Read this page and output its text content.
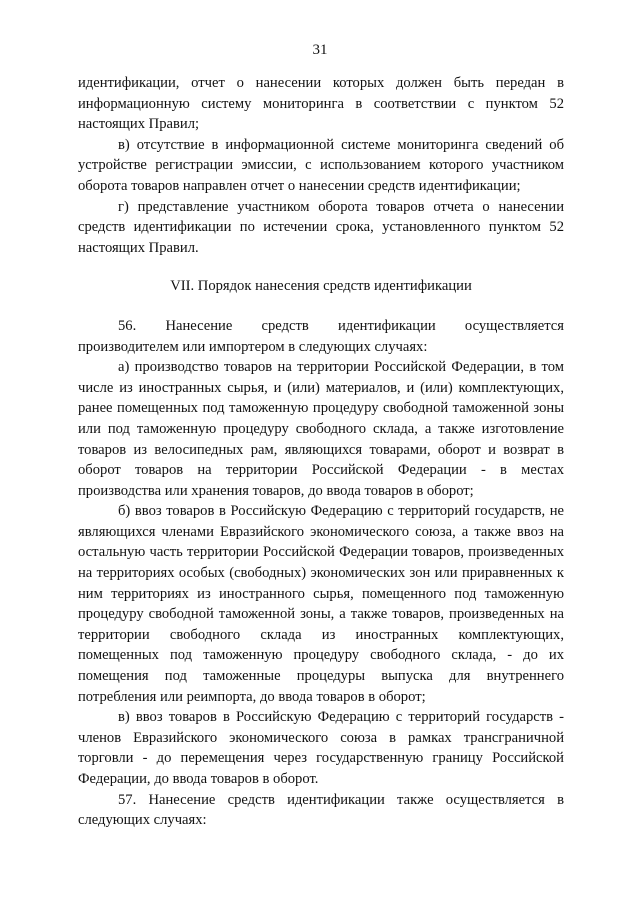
31

идентификации, отчет о нанесении которых должен быть передан в информационную систему мониторинга в соответствии с пунктом 52 настоящих Правил;

в) отсутствие в информационной системе мониторинга сведений об устройстве регистрации эмиссии, с использованием которого участником оборота товаров направлен отчет о нанесении средств идентификации;

г) представление участником оборота товаров отчета о нанесении средств идентификации по истечении срока, установленного пунктом 52 настоящих Правил.

VII. Порядок нанесения средств идентификации

56. Нанесение средств идентификации осуществляется производителем или импортером в следующих случаях:

а) производство товаров на территории Российской Федерации, в том числе из иностранных сырья, и (или) материалов, и (или) комплектующих, ранее помещенных под таможенную процедуру свободной таможенной зоны или под таможенную процедуру свободного склада, а также изготовление товаров из велосипедных рам, являющихся товарами, оборот и возврат в оборот товаров на территории Российской Федерации - в местах производства или хранения товаров, до ввода товаров в оборот;

б) ввоз товаров в Российскую Федерацию с территорий государств, не являющихся членами Евразийского экономического союза, а также ввоз на остальную часть территории Российской Федерации товаров, произведенных на территориях особых (свободных) экономических зон или приравненных к ним территориях из иностранного сырья, помещенного под таможенную процедуру свободной таможенной зоны, а также товаров, произведенных на территории свободного склада из иностранных комплектующих, помещенных под таможенную процедуру свободного склада, - до их помещения под таможенные процедуры выпуска для внутреннего потребления или реимпорта, до ввода товаров в оборот;

в) ввоз товаров в Российскую Федерацию с территорий государств - членов Евразийского экономического союза в рамках трансграничной торговли - до перемещения через государственную границу Российской Федерации, до ввода товаров в оборот.

57. Нанесение средств идентификации также осуществляется в следующих случаях:
